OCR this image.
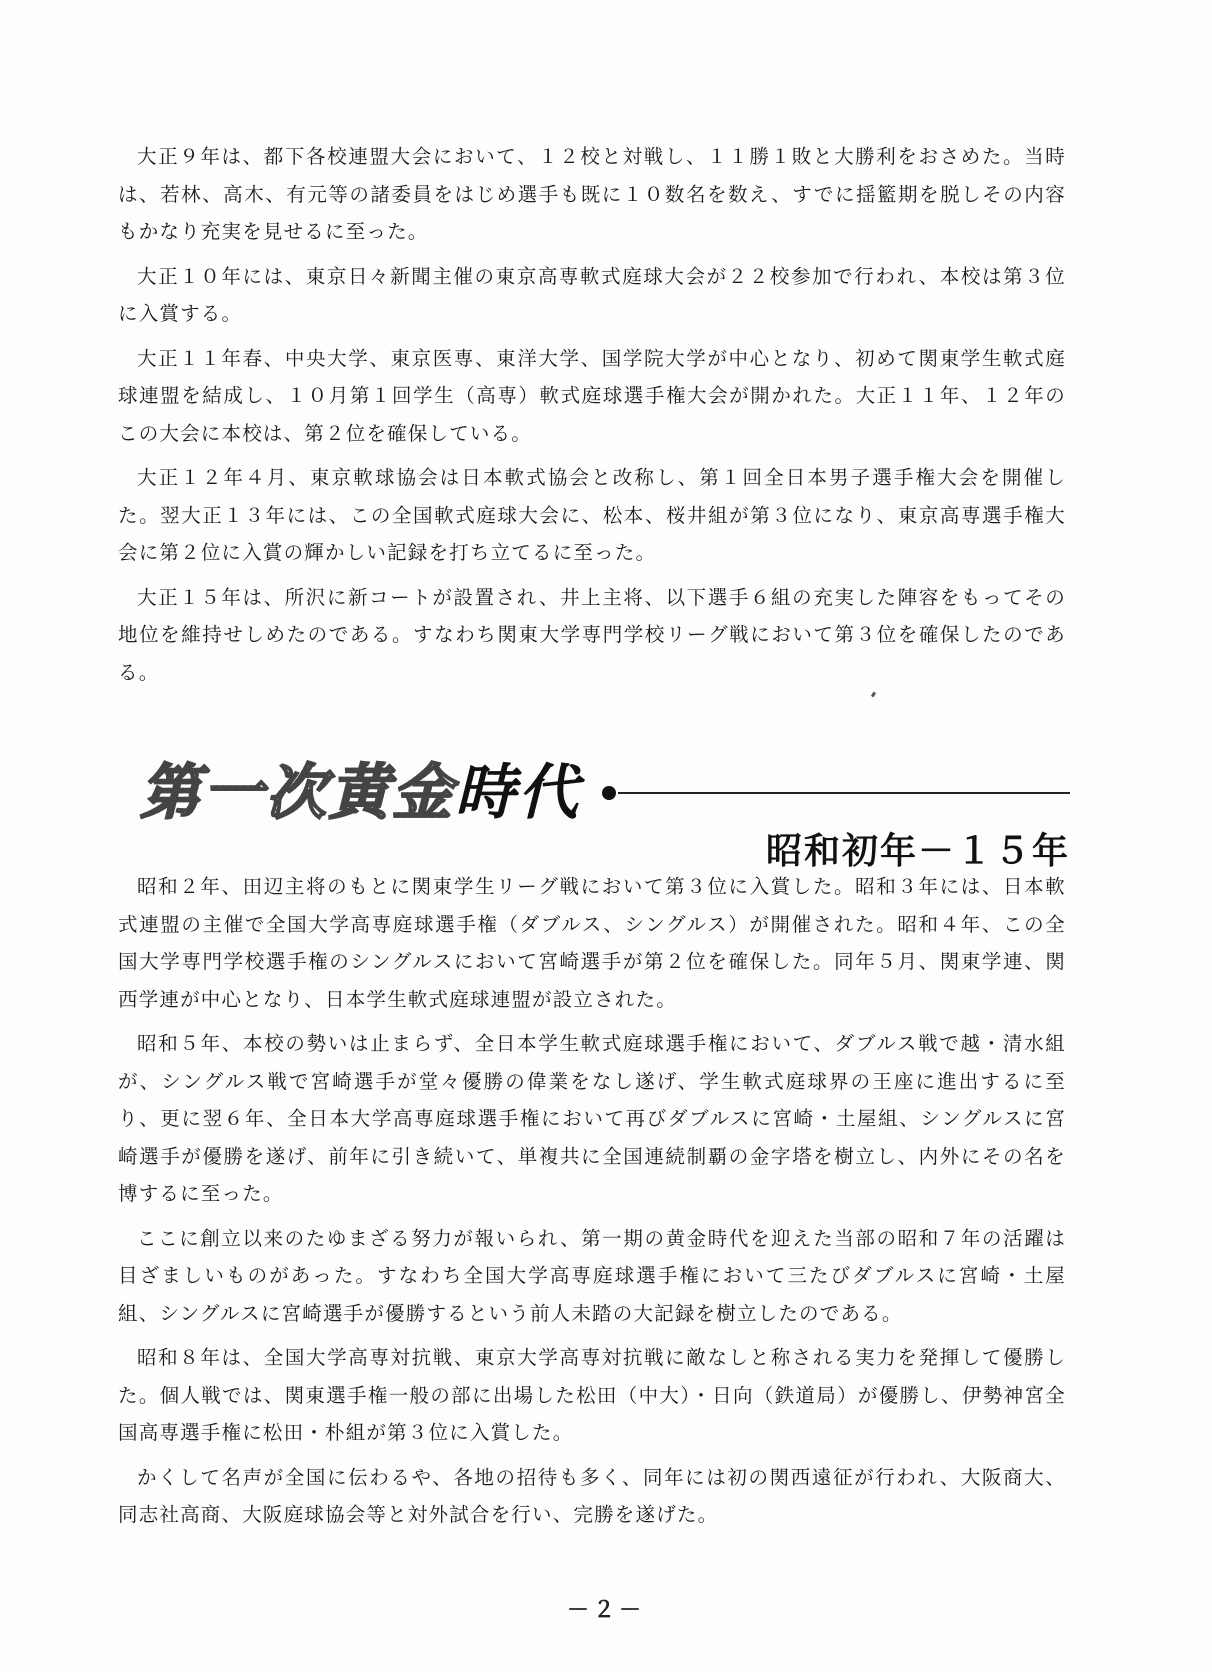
大正９年は、都下各校連盟大会において、１２校と対戦し、１１勝１敗と大勝利をおさめた。当時は、若林、高木、有元等の諸委員をはじめ選手も既に１０数名を数え、すでに揺籃期を脱しその内容もかなり充実を見せるに至った。

大正１０年には、東京日々新聞主催の東京高専軟式庭球大会が２２校参加で行われ、本校は第３位に入賞する。

大正１１年春、中央大学、東京医専、東洋大学、国学院大学が中心となり、初めて関東学生軟式庭球連盟を結成し、１０月第１回学生（高専）軟式庭球選手権大会が開かれた。大正１１年、１２年のこの大会に本校は、第２位を確保している。

大正１２年４月、東京軟球協会は日本軟式協会と改称し、第１回全日本男子選手権大会を開催した。翌大正１３年には、この全国軟式庭球大会に、松本、桜井組が第３位になり、東京高専選手権大会に第２位に入賞の輝かしい記録を打ち立てるに至った。

大正１５年は、所沢に新コートが設置され、井上主将、以下選手６組の充実した陣容をもってその地位を維持せしめたのである。すなわち関東大学専門学校リーグ戦において第３位を確保したのである。

第一次黄金時代
昭和初年－１５年

昭和２年、田辺主将のもとに関東学生リーグ戦において第３位に入賞した。昭和３年には、日本軟式連盟の主催で全国大学高専庭球選手権（ダブルス、シングルス）が開催された。昭和４年、この全国大学専門学校選手権のシングルスにおいて宮崎選手が第２位を確保した。同年５月、関東学連、関西学連が中心となり、日本学生軟式庭球連盟が設立された。

昭和５年、本校の勢いは止まらず、全日本学生軟式庭球選手権において、ダブルス戦で越・清水組が、シングルス戦で宮崎選手が堂々優勝の偉業をなし遂げ、学生軟式庭球界の王座に進出するに至り、更に翌６年、全日本大学高専庭球選手権において再びダブルスに宮崎・土屋組、シングルスに宮崎選手が優勝を遂げ、前年に引き続いて、単複共に全国連続制覇の金字塔を樹立し、内外にその名を博するに至った。

ここに創立以来のたゆまざる努力が報いられ、第一期の黄金時代を迎えた当部の昭和７年の活躍は目ざましいものがあった。すなわち全国大学高専庭球選手権において三たびダブルスに宮崎・土屋組、シングルスに宮崎選手が優勝するという前人未踏の大記録を樹立したのである。

昭和８年は、全国大学高専対抗戦、東京大学高専対抗戦に敵なしと称される実力を発揮して優勝した。個人戦では、関東選手権一般の部に出場した松田（中大）・日向（鉄道局）が優勝し、伊勢神宮全国高専選手権に松田・朴組が第３位に入賞した。

かくして名声が全国に伝わるや、各地の招待も多く、同年には初の関西遠征が行われ、大阪商大、同志社高商、大阪庭球協会等と対外試合を行い、完勝を遂げた。

－２－
